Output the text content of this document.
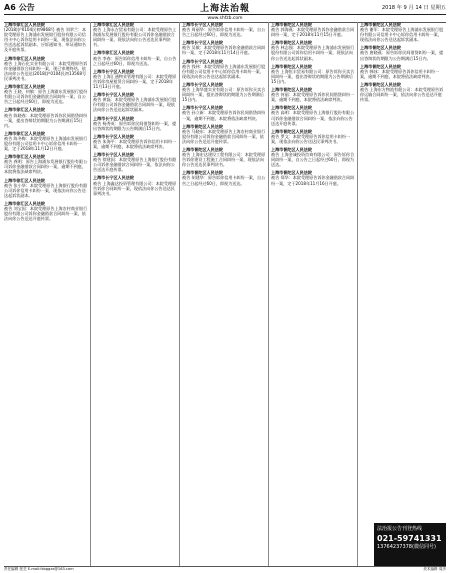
A6 公告	上海法治報	2018 年 9 月 14 日 星期五
www.shfzb.com
上海市徐汇区人民法院
(2018)沪0104民初9868号 被告 刘翠兰：本院受理原告上海浦东发展银行股份有限公司信用卡中心诉你信用卡纠纷一案，现依法向你公告送达起诉状副本、应诉通知书、举证通知书及开庭传票。
上海市徐汇区人民法院
被告 上海石化实业有限公司：本院受理原告诉你金融借款合同纠纷一案，现已审理终结。依法向你公告送达(2018)沪0104民初13568号民事判决书。
上海市徐汇区人民法院
被告 王晓、何敏：原告上海浦东发展银行股份有限公司诉你们金融借款合同纠纷一案，自公告之日起经过60日，即视为送达。
上海市徐汇区人民法院
被告 陈晓春：本院受理原告诉你民间借贷纠纷一案，提出答辩状的期限为公告期满后15日内。
上海市徐汇区人民法院
被告 陈冬梅：本院受理原告上海浦东发展银行股份有限公司信用卡中心诉你信用卡纠纷一案，定于2018年11月12日开庭。
上海市徐汇区人民法院
被告 龚明：原告上海浦东发展银行股份有限公司诉你金融借款合同纠纷一案，逾期不到庭，本院将依法缺席判决。
上海市徐汇区人民法院
被告 张小华：本院受理原告上海银行股份有限公司诉你信用卡纠纷一案，现依法向你公告送达起诉状副本。
上海市徐汇区人民法院
被告 刘宝国：本院受理原告上海农村商业银行股份有限公司诉你金融借款合同纠纷一案，依法向你公告送达开庭传票。
上海市徐汇区人民法院
被告 上海永吉贸易有限公司：本院受理原告上海浦东发展银行股份有限公司诉你金融借款合同纠纷一案，现依法向你公告送达民事判决书。
上海市徐汇区人民法院
被告 李春：原告诉你信用卡纠纷一案，自公告之日起经过60日，即视为送达。
上海市长宁区人民法院
被告 上海汇通物业管理有限公司：本院受理原告诉你房屋租赁合同纠纷一案，定于2018年11月13日开庭。
上海市长宁区人民法院
被告 黄磊：本院受理原告上海浦东发展银行股份有限公司诉你金融借款合同纠纷一案，现依法向你公告送达起诉状副本。
上海市长宁区人民法院
被告 杨秀英：原告诉你民间借贷纠纷一案，提出答辩状的期限为公告期满后15日内。
上海市长宁区人民法院
被告 朱海平：本院受理原告诉你信用卡纠纷一案，逾期不到庭，本院将依法缺席判决。
上海市长宁区人民法院
被告 徐建国：本院受理原告上海银行股份有限公司诉你金融借款合同纠纷一案，依法向你公告送达开庭传票。
上海市长宁区人民法院
被告 上海鑫达投资管理有限公司：本院受理原告诉你合同纠纷一案，现依法向你公告送达民事判决书。
上海市长宁区人民法院
被告 周丽华：原告诉你信用卡纠纷一案，自公告之日起经过60日，即视为送达。
上海市长宁区人民法院
被告 吴敏：本院受理原告诉你金融借款合同纠纷一案，定于2018年11月14日开庭。
上海市长宁区人民法院
被告 钱伟：本院受理原告上海浦东发展银行股份有限公司信用卡中心诉你信用卡纠纷一案，现依法向你公告送达起诉状副本。
上海市长宁区人民法院
被告 上海华盛实业有限公司：原告诉你买卖合同纠纷一案，提出答辩状的期限为公告期满后15日内。
上海市长宁区人民法院
被告 孙立新：本院受理原告诉你民间借贷纠纷一案，逾期不到庭，本院将依法缺席判决。
上海市普陀区人民法院
被告 马晓东：本院受理原告上海农村商业银行股份有限公司诉你金融借款合同纠纷一案，依法向你公告送达开庭传票。
上海市普陀区人民法院
被告 上海宏达建设工程有限公司：本院受理原告诉你建设工程施工合同纠纷一案，现依法向你公告送达民事判决书。
上海市普陀区人民法院
被告 胡建华：原告诉你信用卡纠纷一案，自公告之日起经过60日，即视为送达。
上海市普陀区人民法院
被告 郭海燕：本院受理原告诉你金融借款合同纠纷一案，定于2018年11月15日开庭。
上海市普陀区人民法院
被告 林志强：本院受理原告上海浦东发展银行股份有限公司诉你信用卡纠纷一案，现依法向你公告送达起诉状副本。
上海市普陀区人民法院
被告 上海恒丰贸易有限公司：原告诉你买卖合同纠纷一案，提出答辩状的期限为公告期满后15日内。
上海市普陀区人民法院
被告 何丽：本院受理原告诉你民间借贷纠纷一案，逾期不到庭，本院将依法缺席判决。
上海市普陀区人民法院
被告 高明：本院受理原告上海银行股份有限公司诉你金融借款合同纠纷一案，依法向你公告送达开庭传票。
上海市普陀区人民法院
被告 罗文：本院受理原告诉你信用卡纠纷一案，现依法向你公告送达民事判决书。
上海市普陀区人民法院
被告 上海金诚投资咨询有限公司：原告诉你合同纠纷一案，自公告之日起经过60日，即视为送达。
上海市普陀区人民法院
被告 郑华：本院受理原告诉你金融借款合同纠纷一案，定于2018年11月16日开庭。
上海市普陀区人民法院
被告 谢军：本院受理原告上海浦东发展银行股份有限公司信用卡中心诉你信用卡纠纷一案，现依法向你公告送达起诉状副本。
上海市普陀区人民法院
被告 唐晓燕：原告诉你民间借贷纠纷一案，提出答辩状的期限为公告期满后15日内。
上海市普陀区人民法院
被告 韩冰：本院受理原告诉你信用卡纠纷一案，逾期不到庭，本院将依法缺席判决。
上海市普陀区人民法院
被告 上海东方物流有限公司：本院受理原告诉你运输合同纠纷一案，依法向你公告送达开庭传票。
法治报公告刊登热线
021-59741331
13764237378(微信同号)
责任编辑 张芸 E-mail:fzbggzx@163.com	美术编辑 周彦
